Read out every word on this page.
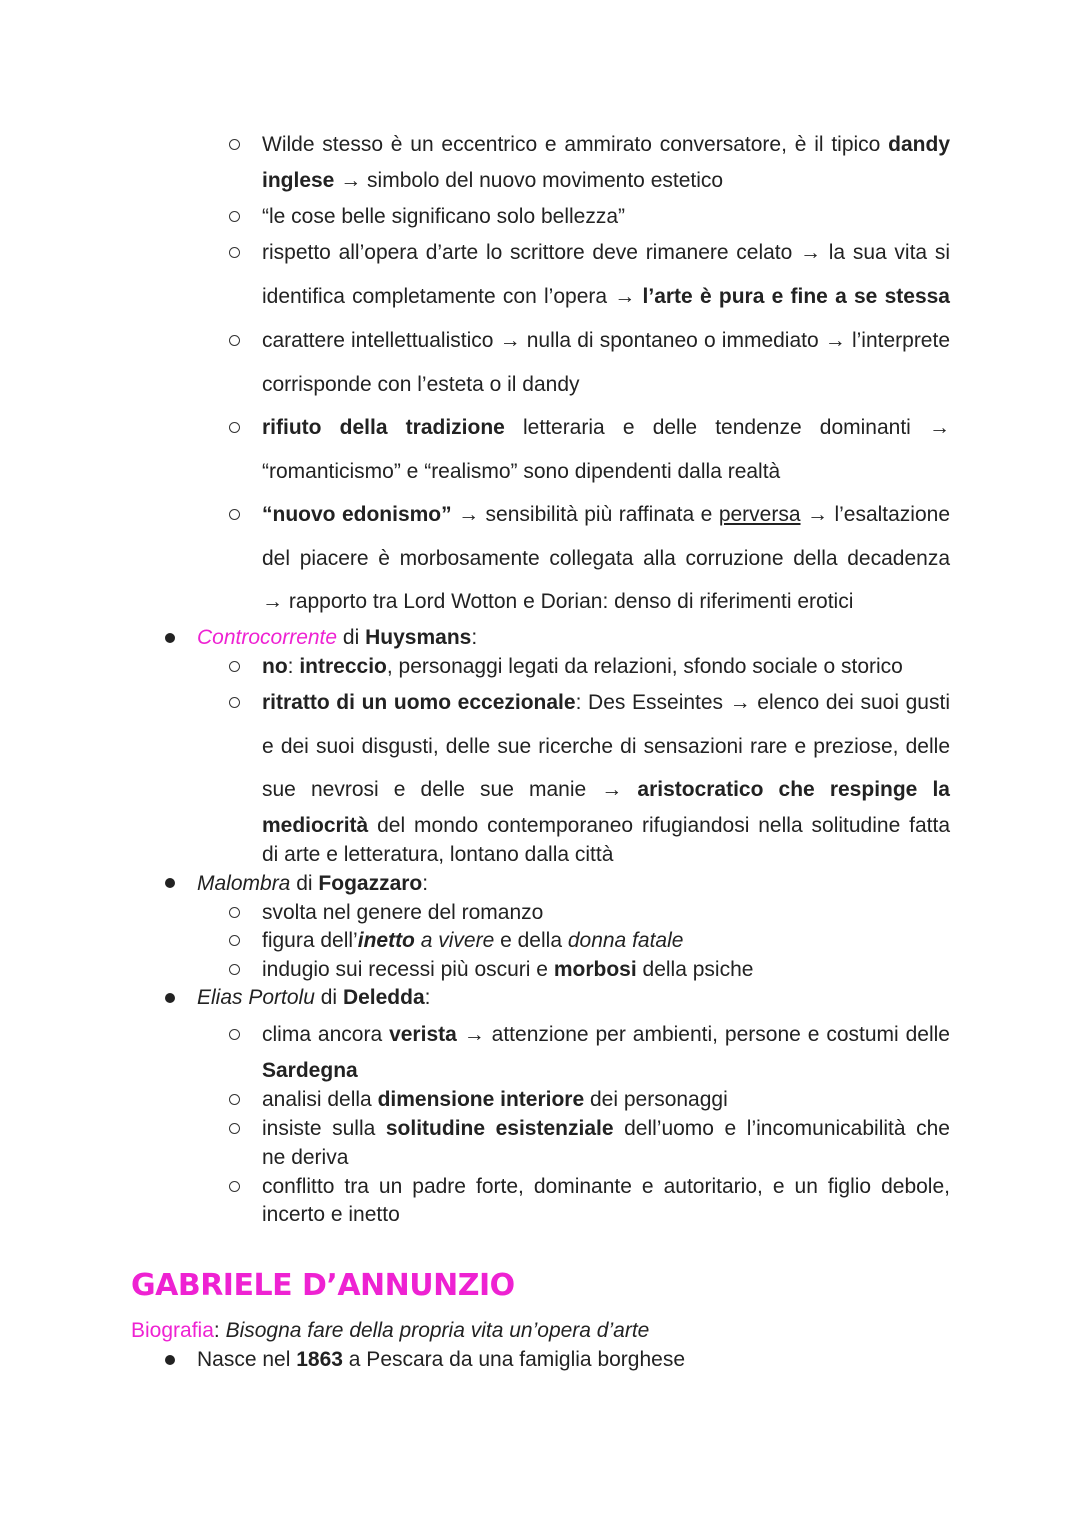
Wilde stesso è un eccentrico e ammirato conversatore, è il tipico dandy
inglese → simbolo del nuovo movimento estetico
“le cose belle significano solo bellezza”
rispetto all’opera d’arte lo scrittore deve rimanere celato → la sua vita si
identifica completamente con l’opera → l’arte è pura e fine a se stessa
carattere intellettualistico → nulla di spontaneo o immediato → l’interprete
corrisponde con l’esteta o il dandy
rifiuto della tradizione letteraria e delle tendenze dominanti →
“romanticismo” e “realismo” sono dipendenti dalla realtà
“nuovo edonismo” → sensibilità più raffinata e perversa → l’esaltazione
del piacere è morbosamente collegata alla corruzione della decadenza
→ rapporto tra Lord Wotton e Dorian: denso di riferimenti erotici
Controcorrente di Huysmans:
no: intreccio, personaggi legati da relazioni, sfondo sociale o storico
ritratto di un uomo eccezionale: Des Esseintes → elenco dei suoi gusti
e dei suoi disgusti, delle sue ricerche di sensazioni rare e preziose, delle
sue nevrosi e delle sue manie → aristocratico che respinge la
mediocrità del mondo contemporaneo rifugiandosi nella solitudine fatta
di arte e letteratura, lontano dalla città
Malombra di Fogazzaro:
svolta nel genere del romanzo
figura dell’inetto a vivere e della donna fatale
indugio sui recessi più oscuri e morbosi della psiche
Elias Portolu di Deledda:
clima ancora verista → attenzione per ambienti, persone e costumi delle
Sardegna
analisi della dimensione interiore dei personaggi
insiste sulla solitudine esistenziale dell’uomo e l’incomunicabilità che
ne deriva
conflitto tra un padre forte, dominante e autoritario, e un figlio debole,
incerto e inetto
GABRIELE D’ANNUNZIO
Biografia: Bisogna fare della propria vita un’opera d’arte
Nasce nel 1863 a Pescara da una famiglia borghese
